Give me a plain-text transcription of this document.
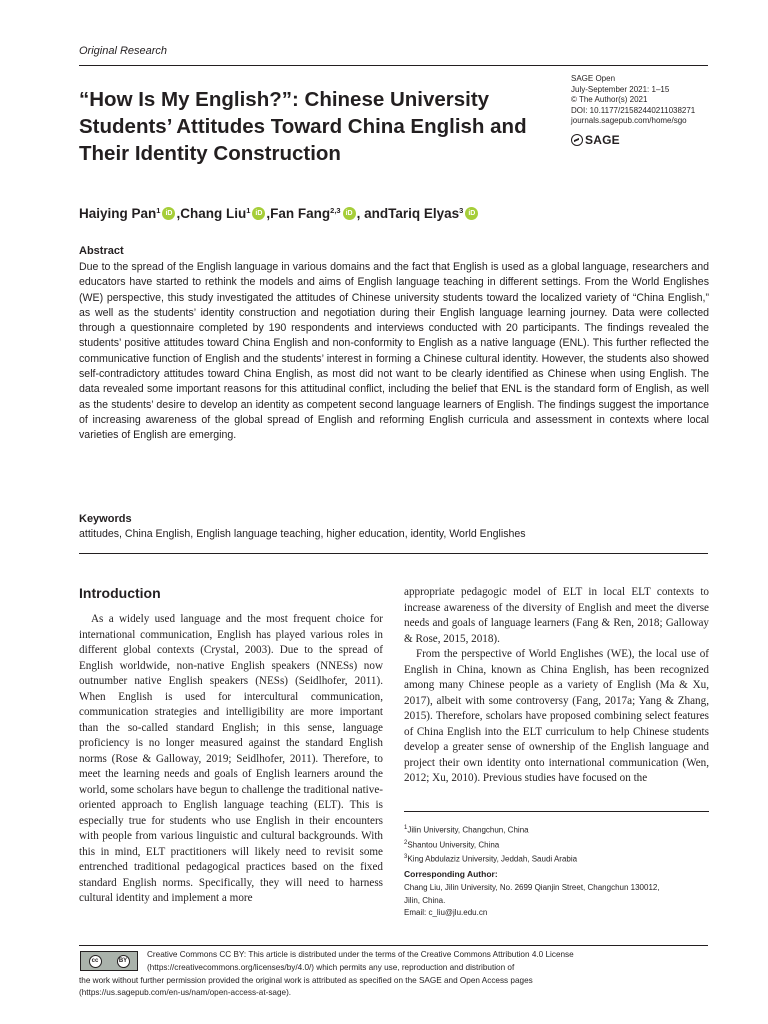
Original Research
“How Is My English?”: Chinese University Students’ Attitudes Toward China English and Their Identity Construction
SAGE Open
July-September 2021: 1–15
© The Author(s) 2021
DOI: 10.1177/21582440211038271
journals.sagepub.com/home/sgo
SAGE
Haiying Pan$^1$ iD , Chang Liu$^1$ iD , Fan Fang$^{2,3}$ iD , and Tariq Elyas$^3$ iD
Abstract
Due to the spread of the English language in various domains and the fact that English is used as a global language, researchers and educators have started to rethink the models and aims of English language teaching in different settings. From the World Englishes (WE) perspective, this study investigated the attitudes of Chinese university students toward the localized variety of “China English,” as well as the students’ identity construction and negotiation during their English language learning journey. Data were collected through a questionnaire completed by 190 respondents and interviews conducted with 20 participants. The findings revealed the students’ positive attitudes toward China English and non-conformity to English as a native language (ENL). This further reflected the communicative function of English and the students’ interest in forming a Chinese cultural identity. However, the students also showed self-contradictory attitudes toward China English, as most did not want to be clearly identified as Chinese when using English. The data revealed some important reasons for this attitudinal conflict, including the belief that ENL is the standard form of English, as well as the students’ desire to develop an identity as competent second language learners of English. The findings suggest the importance of increasing awareness of the global spread of English and reforming English curricula and assessment in contexts where local varieties of English are emerging.
Keywords
attitudes, China English, English language teaching, higher education, identity, World Englishes
Introduction

As a widely used language and the most frequent choice for international communication, English has played various roles in different global contexts (Crystal, 2003). Due to the spread of English worldwide, non-native English speakers (NNESs) now outnumber native English speakers (NESs) (Seidlhofer, 2011). When English is used for intercultural communication, communication strategies and intelligibility are more important than the so-called standard English; in this sense, language proficiency is no longer measured against the standard English norms (Rose & Galloway, 2019; Seidlhofer, 2011). Therefore, to meet the learning needs and goals of English learners around the world, some scholars have begun to challenge the traditional native-oriented approach to English language teaching (ELT). This is especially true for students who use English in their encounters with people from various linguistic and cultural backgrounds. With this in mind, ELT practitioners will likely need to revisit some entrenched traditional pedagogical practices based on the fixed standard English norms. Specifically, they will need to harness cultural identity and implement a more

appropriate pedagogic model of ELT in local ELT contexts to increase awareness of the diversity of English and meet the diverse needs and goals of language learners (Fang & Ren, 2018; Galloway & Rose, 2015, 2018).

From the perspective of World Englishes (WE), the local use of English in China, known as China English, has been recognized among many Chinese people as a variety of English (Ma & Xu, 2017), albeit with some controversy (Fang, 2017a; Yang & Zhang, 2015). Therefore, scholars have proposed combining select features of China English into the ELT curriculum to help Chinese students develop a greater sense of ownership of the English language and project their own identity onto international communication (Wen, 2012; Xu, 2010). Previous studies have focused on the

$^1$Jilin University, Changchun, China
$^2$Shantou University, China
$^3$King Abdulaziz University, Jeddah, Saudi Arabia
Corresponding Author:
Chang Liu, Jilin University, No. 2699 Qianjin Street, Changchun 130012,
Jilin, China.
Email: c_liu@jlu.edu.cn
cc	BY
Creative Commons CC BY: This article is distributed under the terms of the Creative Commons Attribution 4.0 License
(https://creativecommons.org/licenses/by/4.0/) which permits any use, reproduction and distribution of
the work without further permission provided the original work is attributed as specified on the SAGE and Open Access pages
(https://us.sagepub.com/en-us/nam/open-access-at-sage).
